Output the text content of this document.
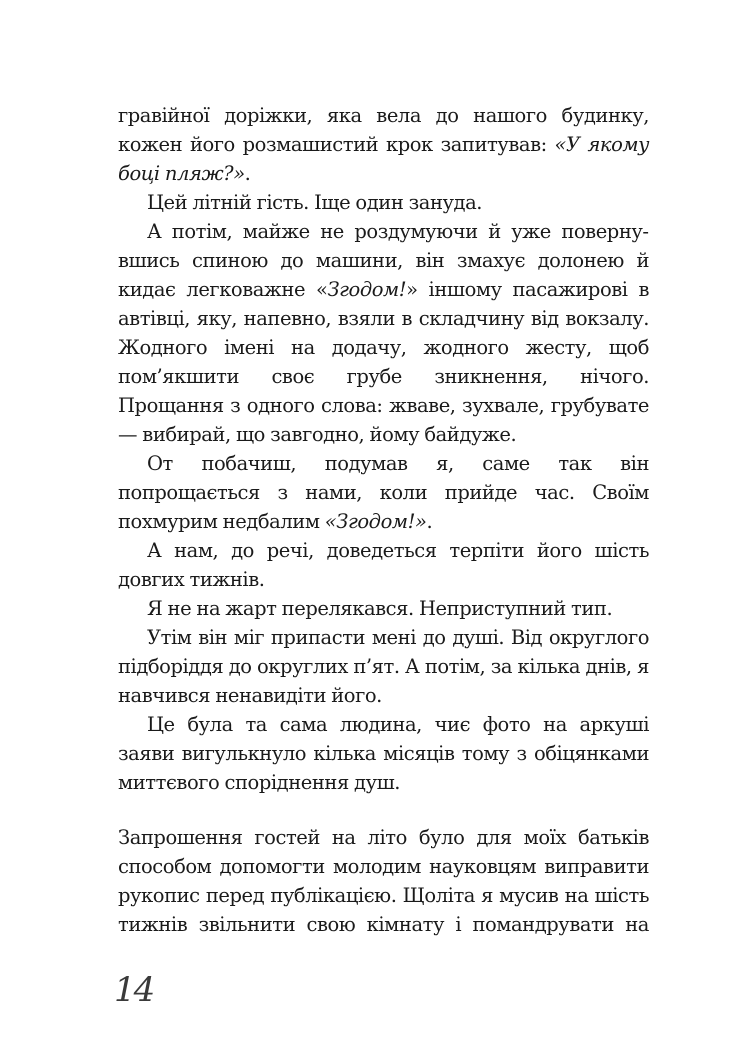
гравійної доріжки, яка вела до нашого будинку, кожен його розмашистий крок запитував: «У якому боці пляж?».

Цей літній гість. Іще один зануда.

А потім, майже не роздумуючи й уже повернувшись спиною до машини, він змахує долонею й кидає легковажне «Згодом!» іншому пасажирові в автівці, яку, напевно, взяли в складчину від вокзалу. Жодного імені на додачу, жодного жесту, щоб пом’якшити своє грубе зникнення, нічого. Прощання з одного слова: жваве, зухвале, грубувате — вибирай, що завгодно, йому байдуже.

От побачиш, подумав я, саме так він попрощається з нами, коли прийде час. Своїм похмурим недбалим «Згодом!».

А нам, до речі, доведеться терпіти його шість довгих тижнів.

Я не на жарт перелякався. Неприступний тип.

Утім він міг припасти мені до душі. Від округлого підборіддя до округлих п’ят. А потім, за кілька днів, я навчився ненавидіти його.

Це була та сама людина, чиє фото на аркуші заяви вигулькнуло кілька місяців тому з обіцянками миттєвого споріднення душ.

Запрошення гостей на літо було для моїх батьків способом допомогти молодим науковцям виправити рукопис перед публікацією. Щоліта я мусив на шість тижнів звільнити свою кімнату і помандрувати на

14
